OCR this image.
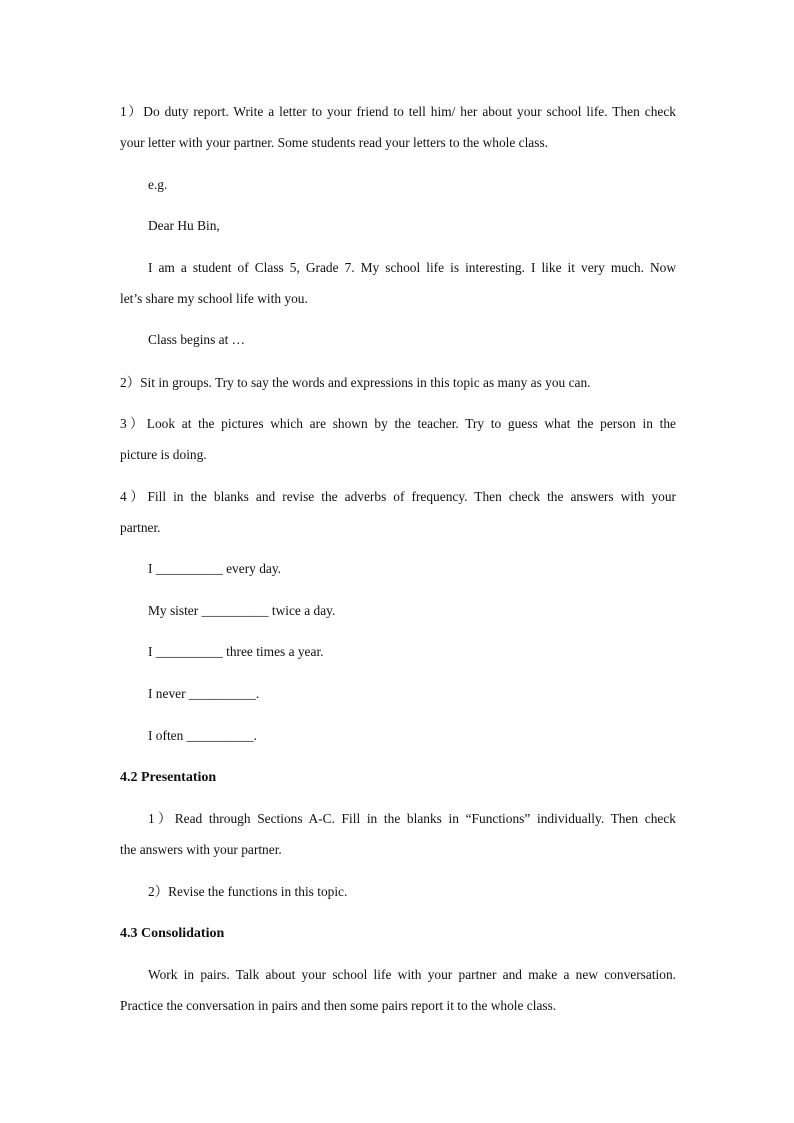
1）Do duty report. Write a letter to your friend to tell him/ her about your school life. Then check
your letter with your partner. Some students read your letters to the whole class.
e.g.
Dear Hu Bin,
I am a student of Class 5, Grade 7. My school life is interesting. I like it very much. Now
let’s share my school life with you.
Class begins at …
2）Sit in groups. Try to say the words and expressions in this topic as many as you can.
3）Look at the pictures which are shown by the teacher. Try to guess what the person in the
picture is doing.
4）Fill in the blanks and revise the adverbs of frequency. Then check the answers with your
partner.
I __________ every day.
My sister __________ twice a day.
I __________ three times a year.
I never __________.
I often __________.
4.2 Presentation
1）Read through Sections A-C. Fill in the blanks in “Functions” individually. Then check
the answers with your partner.
2）Revise the functions in this topic.
4.3 Consolidation
Work in pairs. Talk about your school life with your partner and make a new conversation.
Practice the conversation in pairs and then some pairs report it to the whole class.
